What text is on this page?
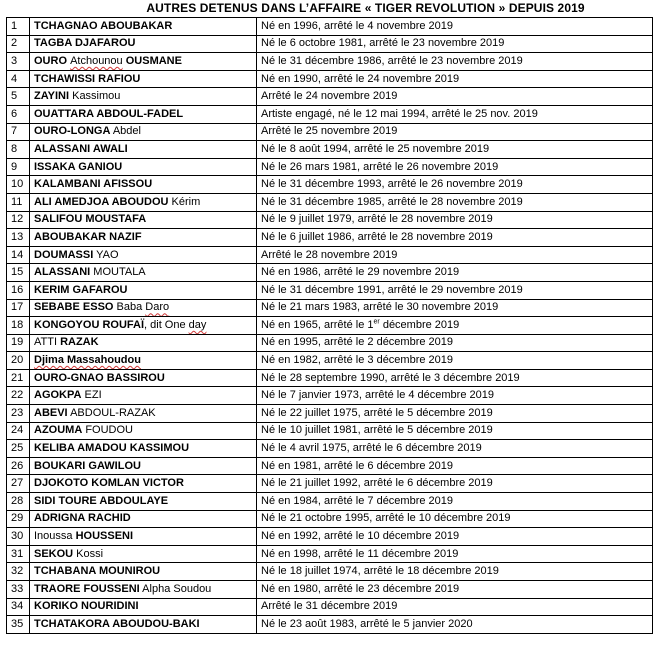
AUTRES DETENUS DANS L’AFFAIRE « TIGER REVOLUTION » DEPUIS 2019
1	TCHAGNAO ABOUBAKAR	Né en 1996, arrêté le 4 novembre 2019
2	TAGBA DJAFAROU	Né le 6 octobre 1981, arrêté le 23 novembre 2019
3	OURO Atchounou OUSMANE	Né le 31 décembre 1986, arrêté le 23 novembre 2019
4	TCHAWISSI RAFIOU	Né en 1990, arrêté le 24 novembre 2019
5	ZAYINI Kassimou	Arrêté le 24 novembre 2019
6	OUATTARA ABDOUL-FADEL	Artiste engagé, né le 12 mai 1994, arrêté le 25 nov. 2019
7	OURO-LONGA Abdel	Arrêté le 25 novembre 2019
8	ALASSANI AWALI	Né le 8 août 1994, arrêté le 25 novembre 2019
9	ISSAKA GANIOU	Né le 26 mars 1981, arrêté le 26 novembre 2019
10	KALAMBANI AFISSOU	Né le 31 décembre 1993, arrêté le 26 novembre 2019
11	ALI AMEDJOA ABOUDOU Kérim	Né le 31 décembre 1985, arrêté le 28 novembre 2019
12	SALIFOU MOUSTAFA	Né le 9 juillet 1979, arrêté le 28 novembre 2019
13	ABOUBAKAR NAZIF	Né le 6 juillet 1986, arrêté le 28 novembre 2019
14	DOUMASSI YAO	Arrêté le 28 novembre 2019
15	ALASSANI MOUTALA	Né en 1986, arrêté le 29 novembre 2019
16	KERIM GAFAROU	Né le 31 décembre 1991, arrêté le 29 novembre 2019
17	SEBABE ESSO Baba Daro	Né le 21 mars 1983, arrêté le 30 novembre 2019
18	KONGOYOU ROUFAÏ, dit One day	Né en 1965, arrêté le 1er décembre 2019
19	ATTI RAZAK	Né en 1995, arrêté le 2 décembre 2019
20	Djima Massahoudou	Né en 1982, arrêté le 3 décembre 2019
21	OURO-GNAO BASSIROU	Né le 28 septembre 1990, arrêté le 3 décembre 2019
22	AGOKPA EZI	Né le 7 janvier 1973, arrêté le 4 décembre 2019
23	ABEVI ABDOUL-RAZAK	Né le 22 juillet 1975, arrêté le 5 décembre 2019
24	AZOUMA FOUDOU	Né le 10 juillet 1981, arrêté le 5 décembre 2019
25	KELIBA AMADOU KASSIMOU	Né le 4 avril 1975, arrêté le 6 décembre 2019
26	BOUKARI GAWILOU	Né en 1981, arrêté le 6 décembre 2019
27	DJOKOTO KOMLAN VICTOR	Né le 21 juillet 1992, arrêté le 6 décembre 2019
28	SIDI TOURE ABDOULAYE	Né en 1984, arrêté le 7 décembre 2019
29	ADRIGNA RACHID	Né le 21 octobre 1995, arrêté le 10 décembre 2019
30	Inoussa HOUSSENI	Né en 1992, arrêté le 10 décembre 2019
31	SEKOU Kossi	Né en 1998, arrêté le 11 décembre 2019
32	TCHABANA MOUNIROU	Né le 18 juillet 1974, arrêté le 18 décembre 2019
33	TRAORE FOUSSENI Alpha Soudou	Né en 1980, arrêté le 23 décembre 2019
34	KORIKO NOURIDINI	Arrêté le 31 décembre 2019
35	TCHATAKORA ABOUDOU-BAKI	Né le 23 août 1983, arrêté le 5 janvier 2020
